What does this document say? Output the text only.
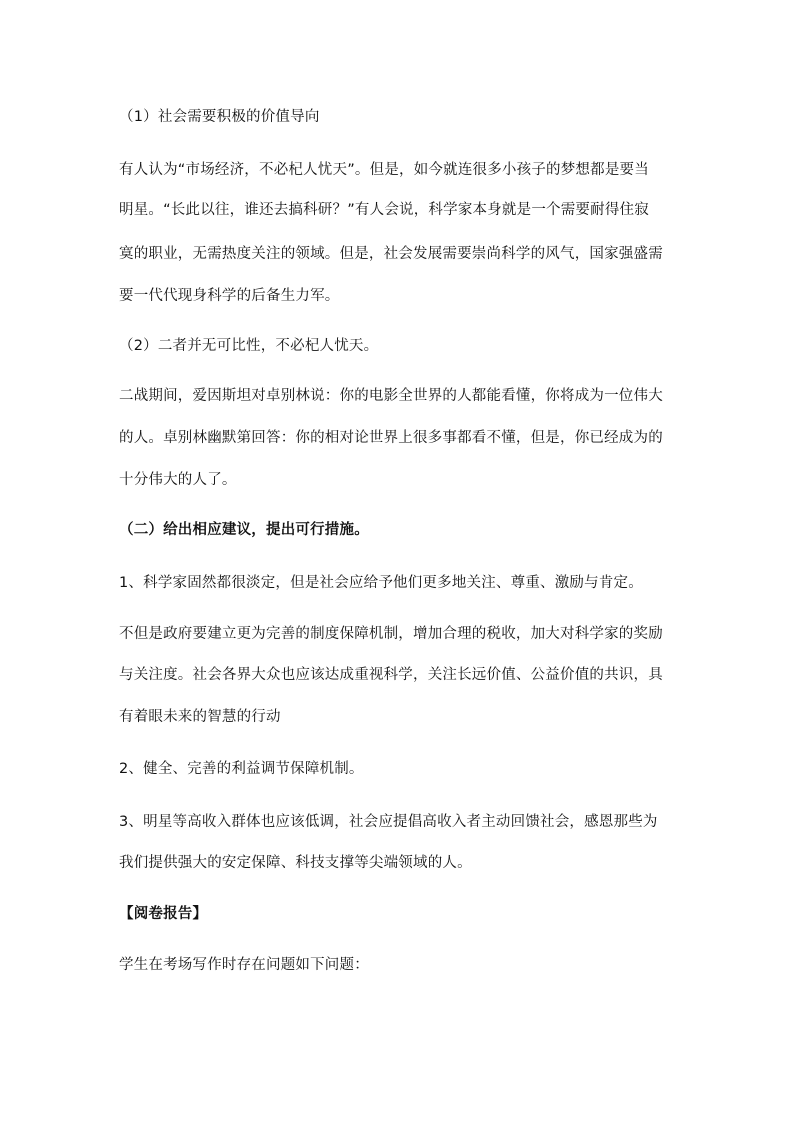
（1）社会需要积极的价值导向
有人认为“市场经济，不必杞人忧天”。但是，如今就连很多小孩子的梦想都是要当
明星。“长此以往，谁还去搞科研？”有人会说，科学家本身就是一个需要耐得住寂
寞的职业，无需热度关注的领域。但是，社会发展需要崇尚科学的风气，国家强盛需
要一代代现身科学的后备生力军。
（2）二者并无可比性，不必杞人忧天。
二战期间，爱因斯坦对卓别林说：你的电影全世界的人都能看懂，你将成为一位伟大
的人。卓别林幽默第回答：你的相对论世界上很多事都看不懂，但是，你已经成为的
十分伟大的人了。
（二）给出相应建议，提出可行措施。
1、科学家固然都很淡定，但是社会应给予他们更多地关注、尊重、激励与肯定。
不但是政府要建立更为完善的制度保障机制，增加合理的税收，加大对科学家的奖励
与关注度。社会各界大众也应该达成重视科学，关注长远价值、公益价值的共识，具
有着眼未来的智慧的行动
2、健全、完善的利益调节保障机制。
3、明星等高收入群体也应该低调，社会应提倡高收入者主动回馈社会，感恩那些为
我们提供强大的安定保障、科技支撑等尖端领域的人。
【阅卷报告】
学生在考场写作时存在问题如下问题：
